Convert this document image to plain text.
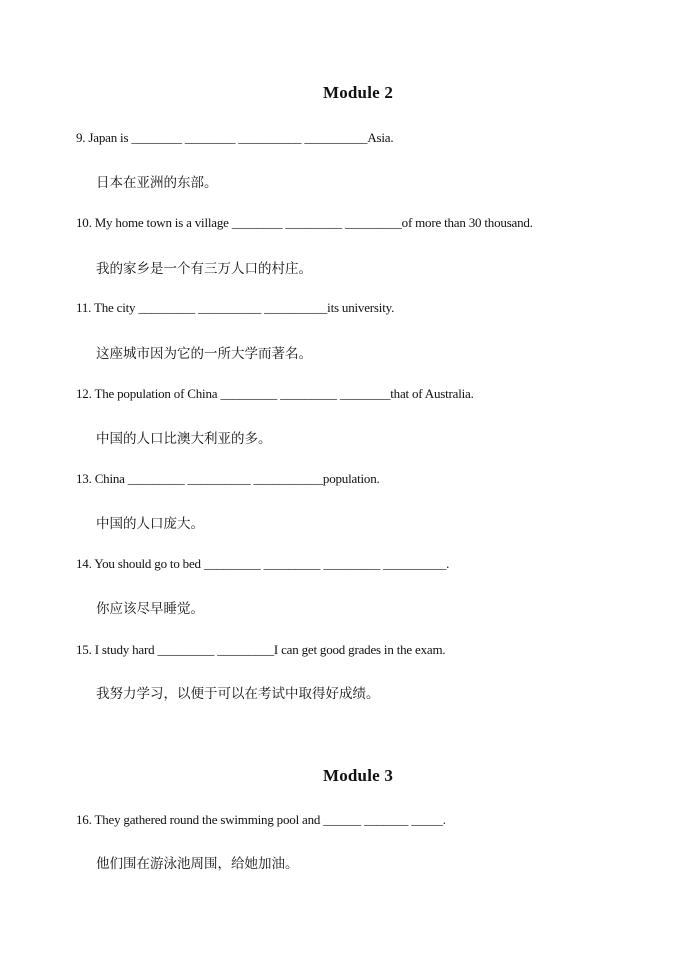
Module 2
9. Japan is ________ ________ __________ __________Asia.
日本在亚洲的东部。
10. My home town is a village ________ _________ _________of more than 30 thousand.
我的家乡是一个有三万人口的村庄。
11. The city _________ __________ __________its university.
这座城市因为它的一所大学而著名。
12. The population of China _________ _________ ________that of Australia.
中国的人口比澳大利亚的多。
13. China _________ __________ ___________population.
中国的人口庞大。
14. You should go to bed _________ _________ _________ __________.
你应该尽早睡觉。
15. I study hard _________ _________I can get good grades in the exam.
我努力学习，以便于可以在考试中取得好成绩。
Module 3
16. They gathered round the swimming pool and ______ _______ _____.
他们围在游泳池周围，给她加油。
